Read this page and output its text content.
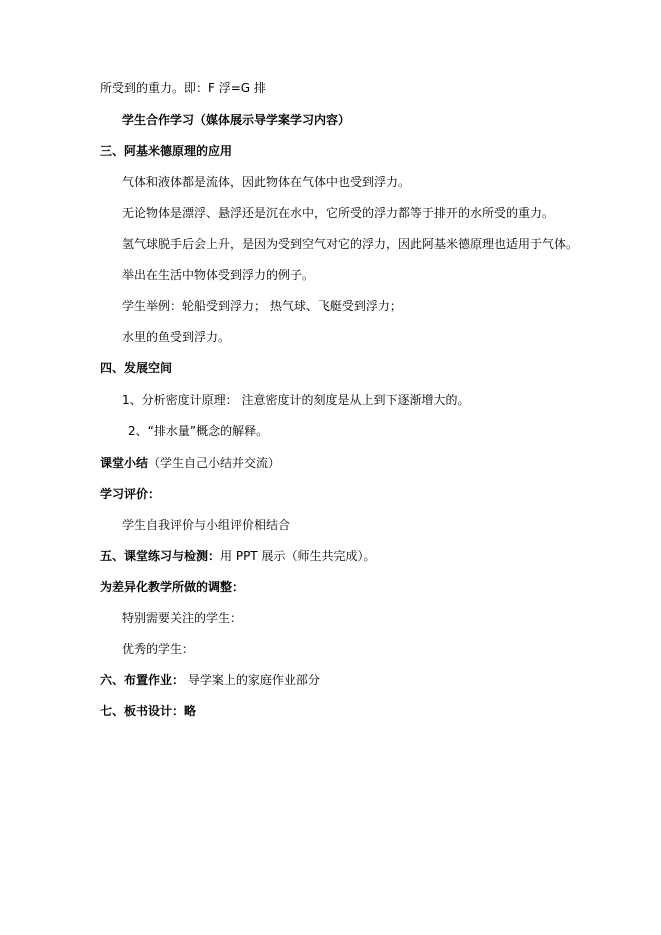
所受到的重力。即：F 浮=G 排
学生合作学习（媒体展示导学案学习内容）
三、阿基米德原理的应用
气体和液体都是流体，因此物体在气体中也受到浮力。
无论物体是漂浮、悬浮还是沉在水中，它所受的浮力都等于排开的水所受的重力。
氢气球脱手后会上升，是因为受到空气对它的浮力，因此阿基米德原理也适用于气体。
举出在生活中物体受到浮力的例子。
学生举例：轮船受到浮力； 热气球、飞艇受到浮力；
水里的鱼受到浮力。
四、发展空间
1、分析密度计原理： 注意密度计的刻度是从上到下逐渐增大的。
2、“排水量”概念的解释。
课堂小结（学生自己小结并交流）
学习评价：
学生自我评价与小组评价相结合
五、课堂练习与检测：用 PPT 展示（师生共完成）。
为差异化教学所做的调整：
特别需要关注的学生：
优秀的学生：
六、布置作业： 导学案上的家庭作业部分
七、板书设计：略
